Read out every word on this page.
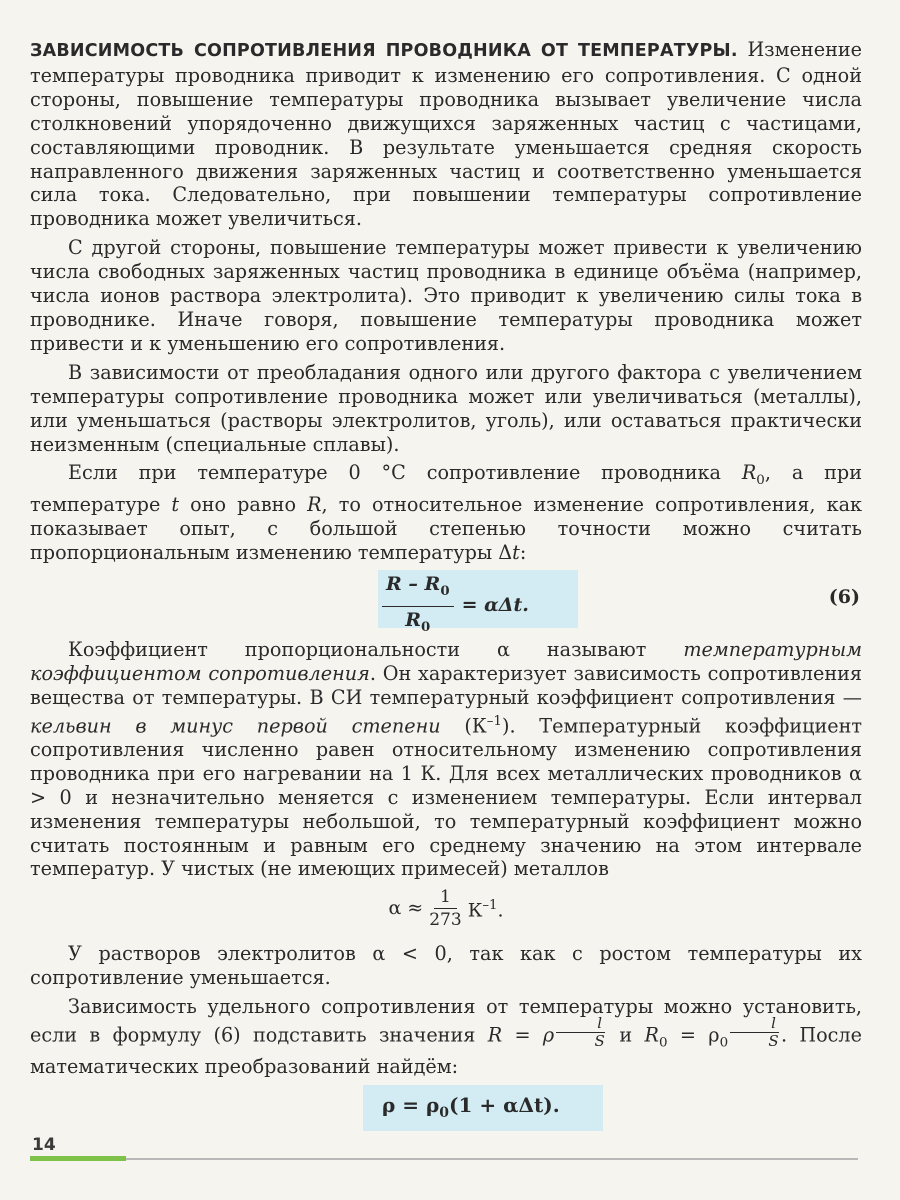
ЗАВИСИМОСТЬ СОПРОТИВЛЕНИЯ ПРОВОДНИКА ОТ ТЕМПЕРАТУРЫ. Изменение температуры проводника приводит к изменению его сопротивления. С одной стороны, повышение температуры проводника вызывает увеличение числа столкновений упорядоченно движущихся заряженных частиц с частицами, составляющими проводник. В результате уменьшается средняя скорость направленного движения заряженных частиц и соответственно уменьшается сила тока. Следовательно, при повышении температуры сопротивление проводника может увеличиться.

С другой стороны, повышение температуры может привести к увеличению числа свободных заряженных частиц проводника в единице объёма (например, числа ионов раствора электролита). Это приводит к увеличению силы тока в проводнике. Иначе говоря, повышение температуры проводника может привести и к уменьшению его сопротивления.

В зависимости от преобладания одного или другого фактора с увеличением температуры сопротивление проводника может или увеличиваться (металлы), или уменьшаться (растворы электролитов, уголь), или оставаться практически неизменным (специальные сплавы).

Если при температуре 0 °С сопротивление проводника $R_0$, а при температуре t оно равно R, то относительное изменение сопротивления, как показывает опыт, с большой степенью точности можно считать пропорциональным изменению температуры Δt:

$\frac{R - R_0}{R_0} = \alpha\Delta t$.	(6)

Коэффициент пропорциональности α называют температурным коэффициентом сопротивления. Он характеризует зависимость сопротивления вещества от температуры. В СИ температурный коэффициент сопротивления — кельвин в минус первой степени $(К^{-1})$. Температурный коэффициент сопротивления численно равен относительному изменению сопротивления проводника при его нагревании на 1 К. Для всех металлических проводников α > 0 и незначительно меняется с изменением температуры. Если интервал изменения температуры небольшой, то температурный коэффициент можно считать постоянным и равным его среднему значению на этом интервале температур. У чистых (не имеющих примесей) металлов

$\alpha \approx \frac{1}{273} К^{-1}$.

У растворов электролитов α < 0, так как с ростом температуры их сопротивление уменьшается.

Зависимость удельного сопротивления от температуры можно установить, если в формулу (6) подставить значения R = ρ $\frac{l}{S}$ и $R_0 = \rho_0 \frac{l}{S}$ . После математических преобразований найдём:

$\rho = \rho_0(1 + \alpha\Delta t)$.
14
